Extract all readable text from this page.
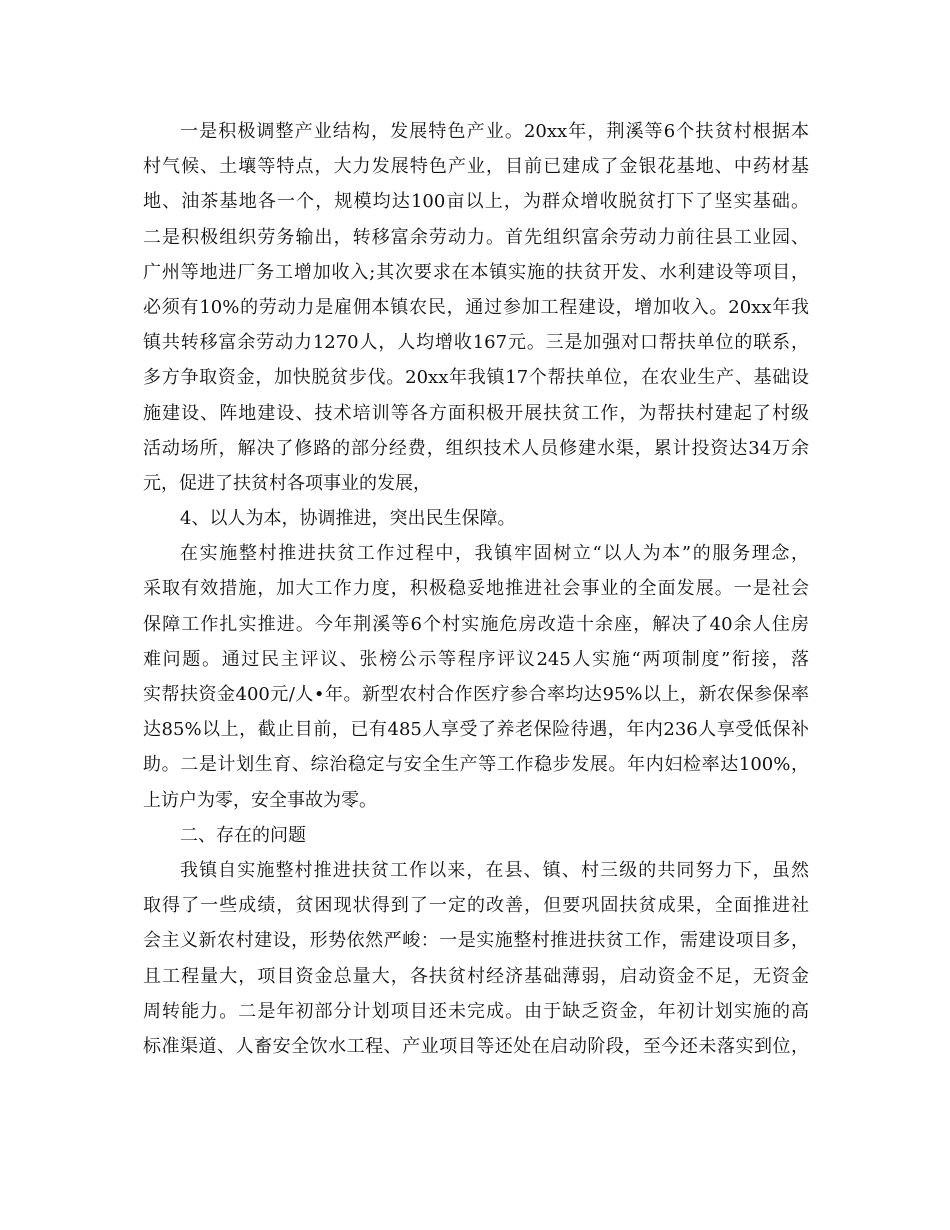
一是积极调整产业结构，发展特色产业。20xx年，荆溪等6个扶贫村根据本
村气候、土壤等特点，大力发展特色产业，目前已建成了金银花基地、中药材基
地、油茶基地各一个，规模均达100亩以上，为群众增收脱贫打下了坚实基础。
二是积极组织劳务输出，转移富余劳动力。首先组织富余劳动力前往县工业园、
广州等地进厂务工增加收入;其次要求在本镇实施的扶贫开发、水利建设等项目，
必须有10%的劳动力是雇佣本镇农民，通过参加工程建设，增加收入。20xx年我
镇共转移富余劳动力1270人，人均增收167元。三是加强对口帮扶单位的联系，
多方争取资金，加快脱贫步伐。20xx年我镇17个帮扶单位，在农业生产、基础设
施建设、阵地建设、技术培训等各方面积极开展扶贫工作，为帮扶村建起了村级
活动场所，解决了修路的部分经费，组织技术人员修建水渠，累计投资达34万余
元，促进了扶贫村各项事业的发展，
4、以人为本，协调推进，突出民生保障。
在实施整村推进扶贫工作过程中，我镇牢固树立“以人为本”的服务理念，
采取有效措施，加大工作力度，积极稳妥地推进社会事业的全面发展。一是社会
保障工作扎实推进。今年荆溪等6个村实施危房改造十余座，解决了40余人住房
难问题。通过民主评议、张榜公示等程序评议245人实施“两项制度”衔接，落
实帮扶资金400元/人•年。新型农村合作医疗参合率均达95%以上，新农保参保率
达85%以上，截止目前，已有485人享受了养老保险待遇，年内236人享受低保补
助。二是计划生育、综治稳定与安全生产等工作稳步发展。年内妇检率达100%，
上访户为零，安全事故为零。
二、存在的问题
我镇自实施整村推进扶贫工作以来，在县、镇、村三级的共同努力下，虽然
取得了一些成绩，贫困现状得到了一定的改善，但要巩固扶贫成果，全面推进社
会主义新农村建设，形势依然严峻：一是实施整村推进扶贫工作，需建设项目多，
且工程量大，项目资金总量大，各扶贫村经济基础薄弱，启动资金不足，无资金
周转能力。二是年初部分计划项目还未完成。由于缺乏资金，年初计划实施的高
标准渠道、人畜安全饮水工程、产业项目等还处在启动阶段，至今还未落实到位，
